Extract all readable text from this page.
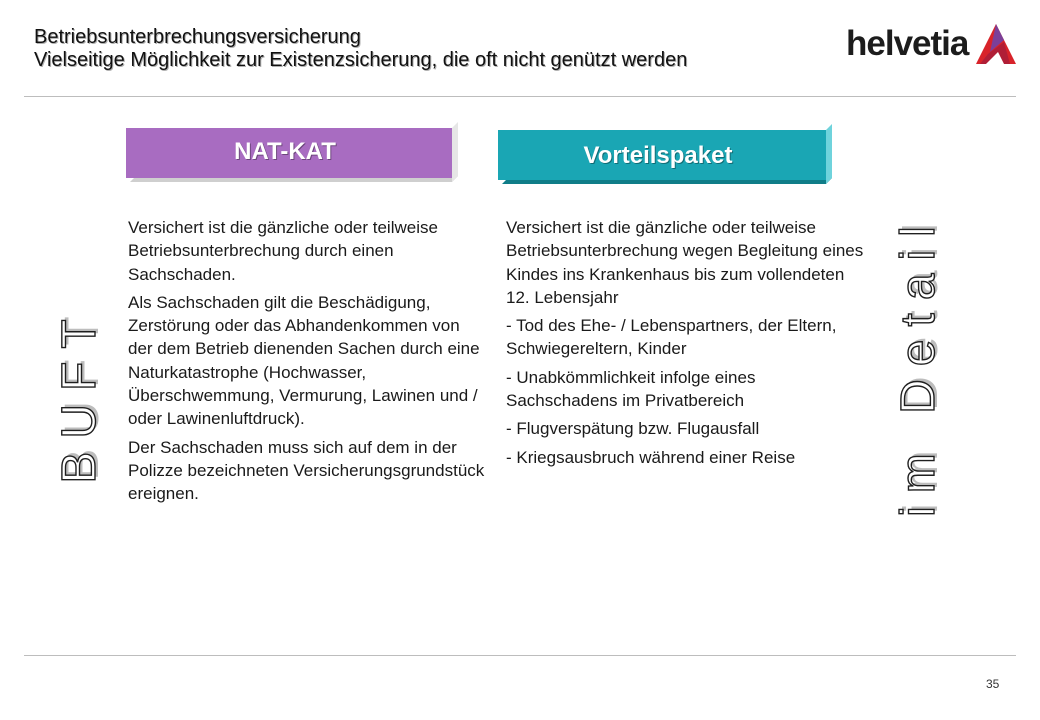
Betriebsunterbrechungsversicherung
Vielseitige Möglichkeit zur Existenzsicherung, die oft nicht genützt werden	helvetia
NAT-KAT	Vorteilspaket

Versichert ist die gänzliche oder teilweise Betriebsunterbrechung durch einen Sachschaden.

Als Sachschaden gilt die Beschädigung, Zerstörung oder das Abhandenkommen von der dem Betrieb dienenden Sachen durch eine Naturkatastrophe (Hochwasser, Überschwemmung, Vermurung, Lawinen und / oder Lawinenluftdruck).

Der Sachschaden muss sich auf dem in der Polizze bezeichneten Versicherungsgrundstück ereignen.

Versichert ist die gänzliche oder teilweise Betriebsunterbrechung wegen Begleitung eines Kindes ins Krankenhaus bis zum vollendeten 12. Lebensjahr

- Tod des Ehe- / Lebenspartners, der Eltern, Schwiegereltern, Kinder

- Unabkömmlichkeit infolge eines Sachschadens im Privatbereich

- Flugverspätung bzw. Flugausfall

- Kriegsausbruch während einer Reise

BUFT	im Detail
35
